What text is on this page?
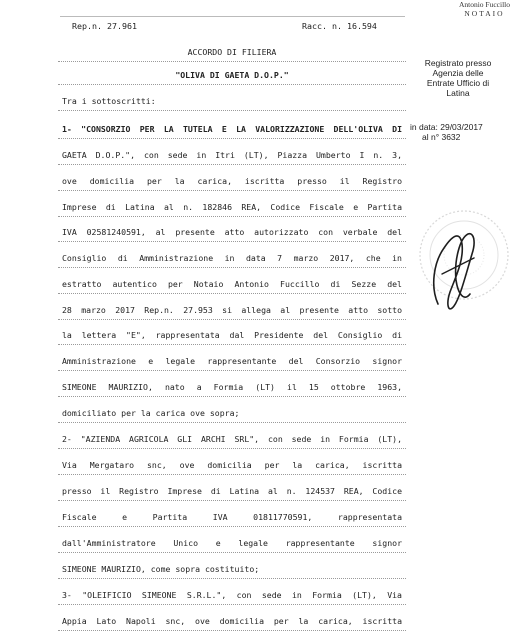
Antonio Fuccillo
NOTAIO
Rep.n. 27.961	Racc. n. 16.594
Registrato presso
Agenzia delle
Entrate Ufficio di
Latina
in data: 29/03/2017
al n° 3632
ACCORDO DI FILIERA
"OLIVA DI GAETA D.O.P."
Tra i sottoscritti:
1- "CONSORZIO PER LA TUTELA E LA VALORIZZAZIONE DELL'OLIVA DI
GAETA D.O.P.", con sede in Itri (LT), Piazza Umberto I n. 3,
ove domicilia per la carica, iscritta presso il Registro
Imprese di Latina al n. 182846 REA, Codice Fiscale e Partita
IVA 02581240591, al presente atto autorizzato con verbale del
Consiglio di Amministrazione in data 7 marzo 2017, che in
estratto autentico per Notaio Antonio Fuccillo di Sezze del
28 marzo 2017 Rep.n. 27.953 si allega al presente atto sotto
la lettera "E", rappresentata dal Presidente del Consiglio di
Amministrazione e legale rappresentante del Consorzio signor
SIMEONE MAURIZIO, nato a Formia (LT) il 15 ottobre 1963,
domiciliato per la carica ove sopra;
2- "AZIENDA AGRICOLA GLI ARCHI SRL", con sede in Formia (LT),
Via Mergataro snc, ove domicilia per la carica, iscritta
presso il Registro Imprese di Latina al n. 124537 REA, Codice
Fiscale e Partita IVA 01811770591, rappresentata
dall'Amministratore Unico e legale rappresentante signor
SIMEONE MAURIZIO, come sopra costituito;
3- "OLEIFICIO SIMEONE S.R.L.", con sede in Formia (LT), Via
Appia Lato Napoli snc, ove domicilia per la carica, iscritta
